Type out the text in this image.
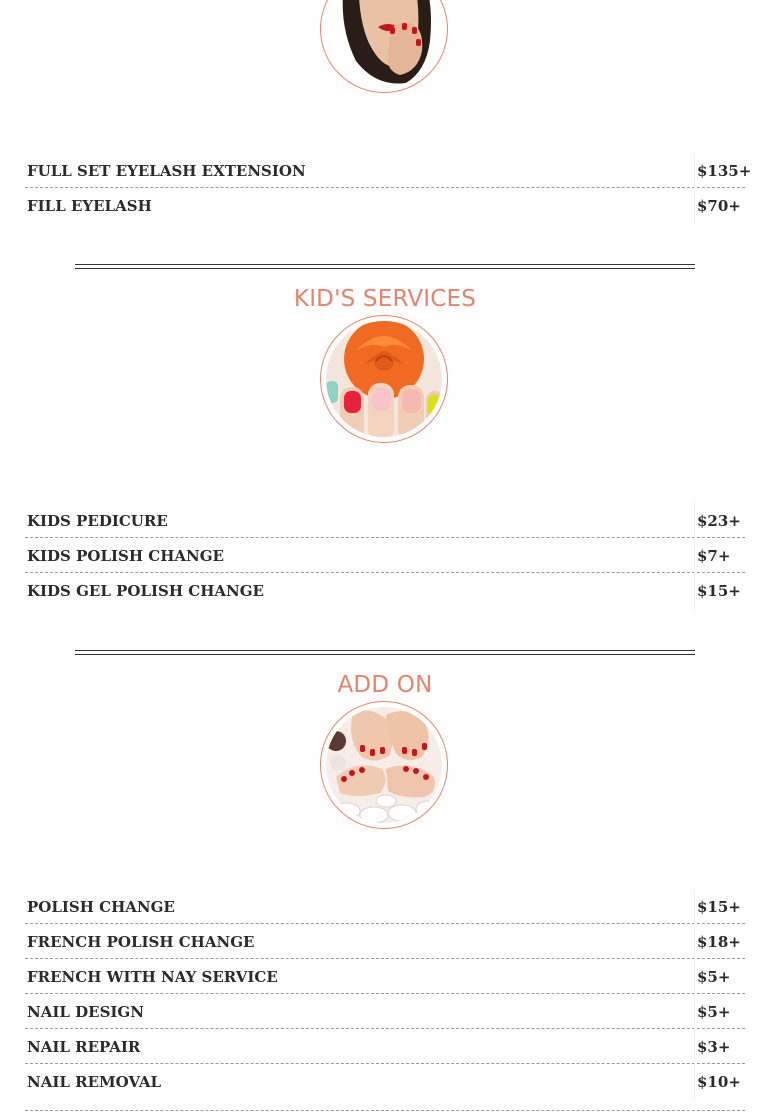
FULL SET EYELASH EXTENSION	$135+
FILL EYELASH	$70+
KID'S SERVICES
KIDS PEDICURE	$23+
KIDS POLISH CHANGE	$7+
KIDS GEL POLISH CHANGE	$15+
ADD ON
POLISH CHANGE	$15+
FRENCH POLISH CHANGE	$18+
FRENCH WITH NAY SERVICE	$5+
NAIL DESIGN	$5+
NAIL REPAIR	$3+
NAIL REMOVAL	$10+
